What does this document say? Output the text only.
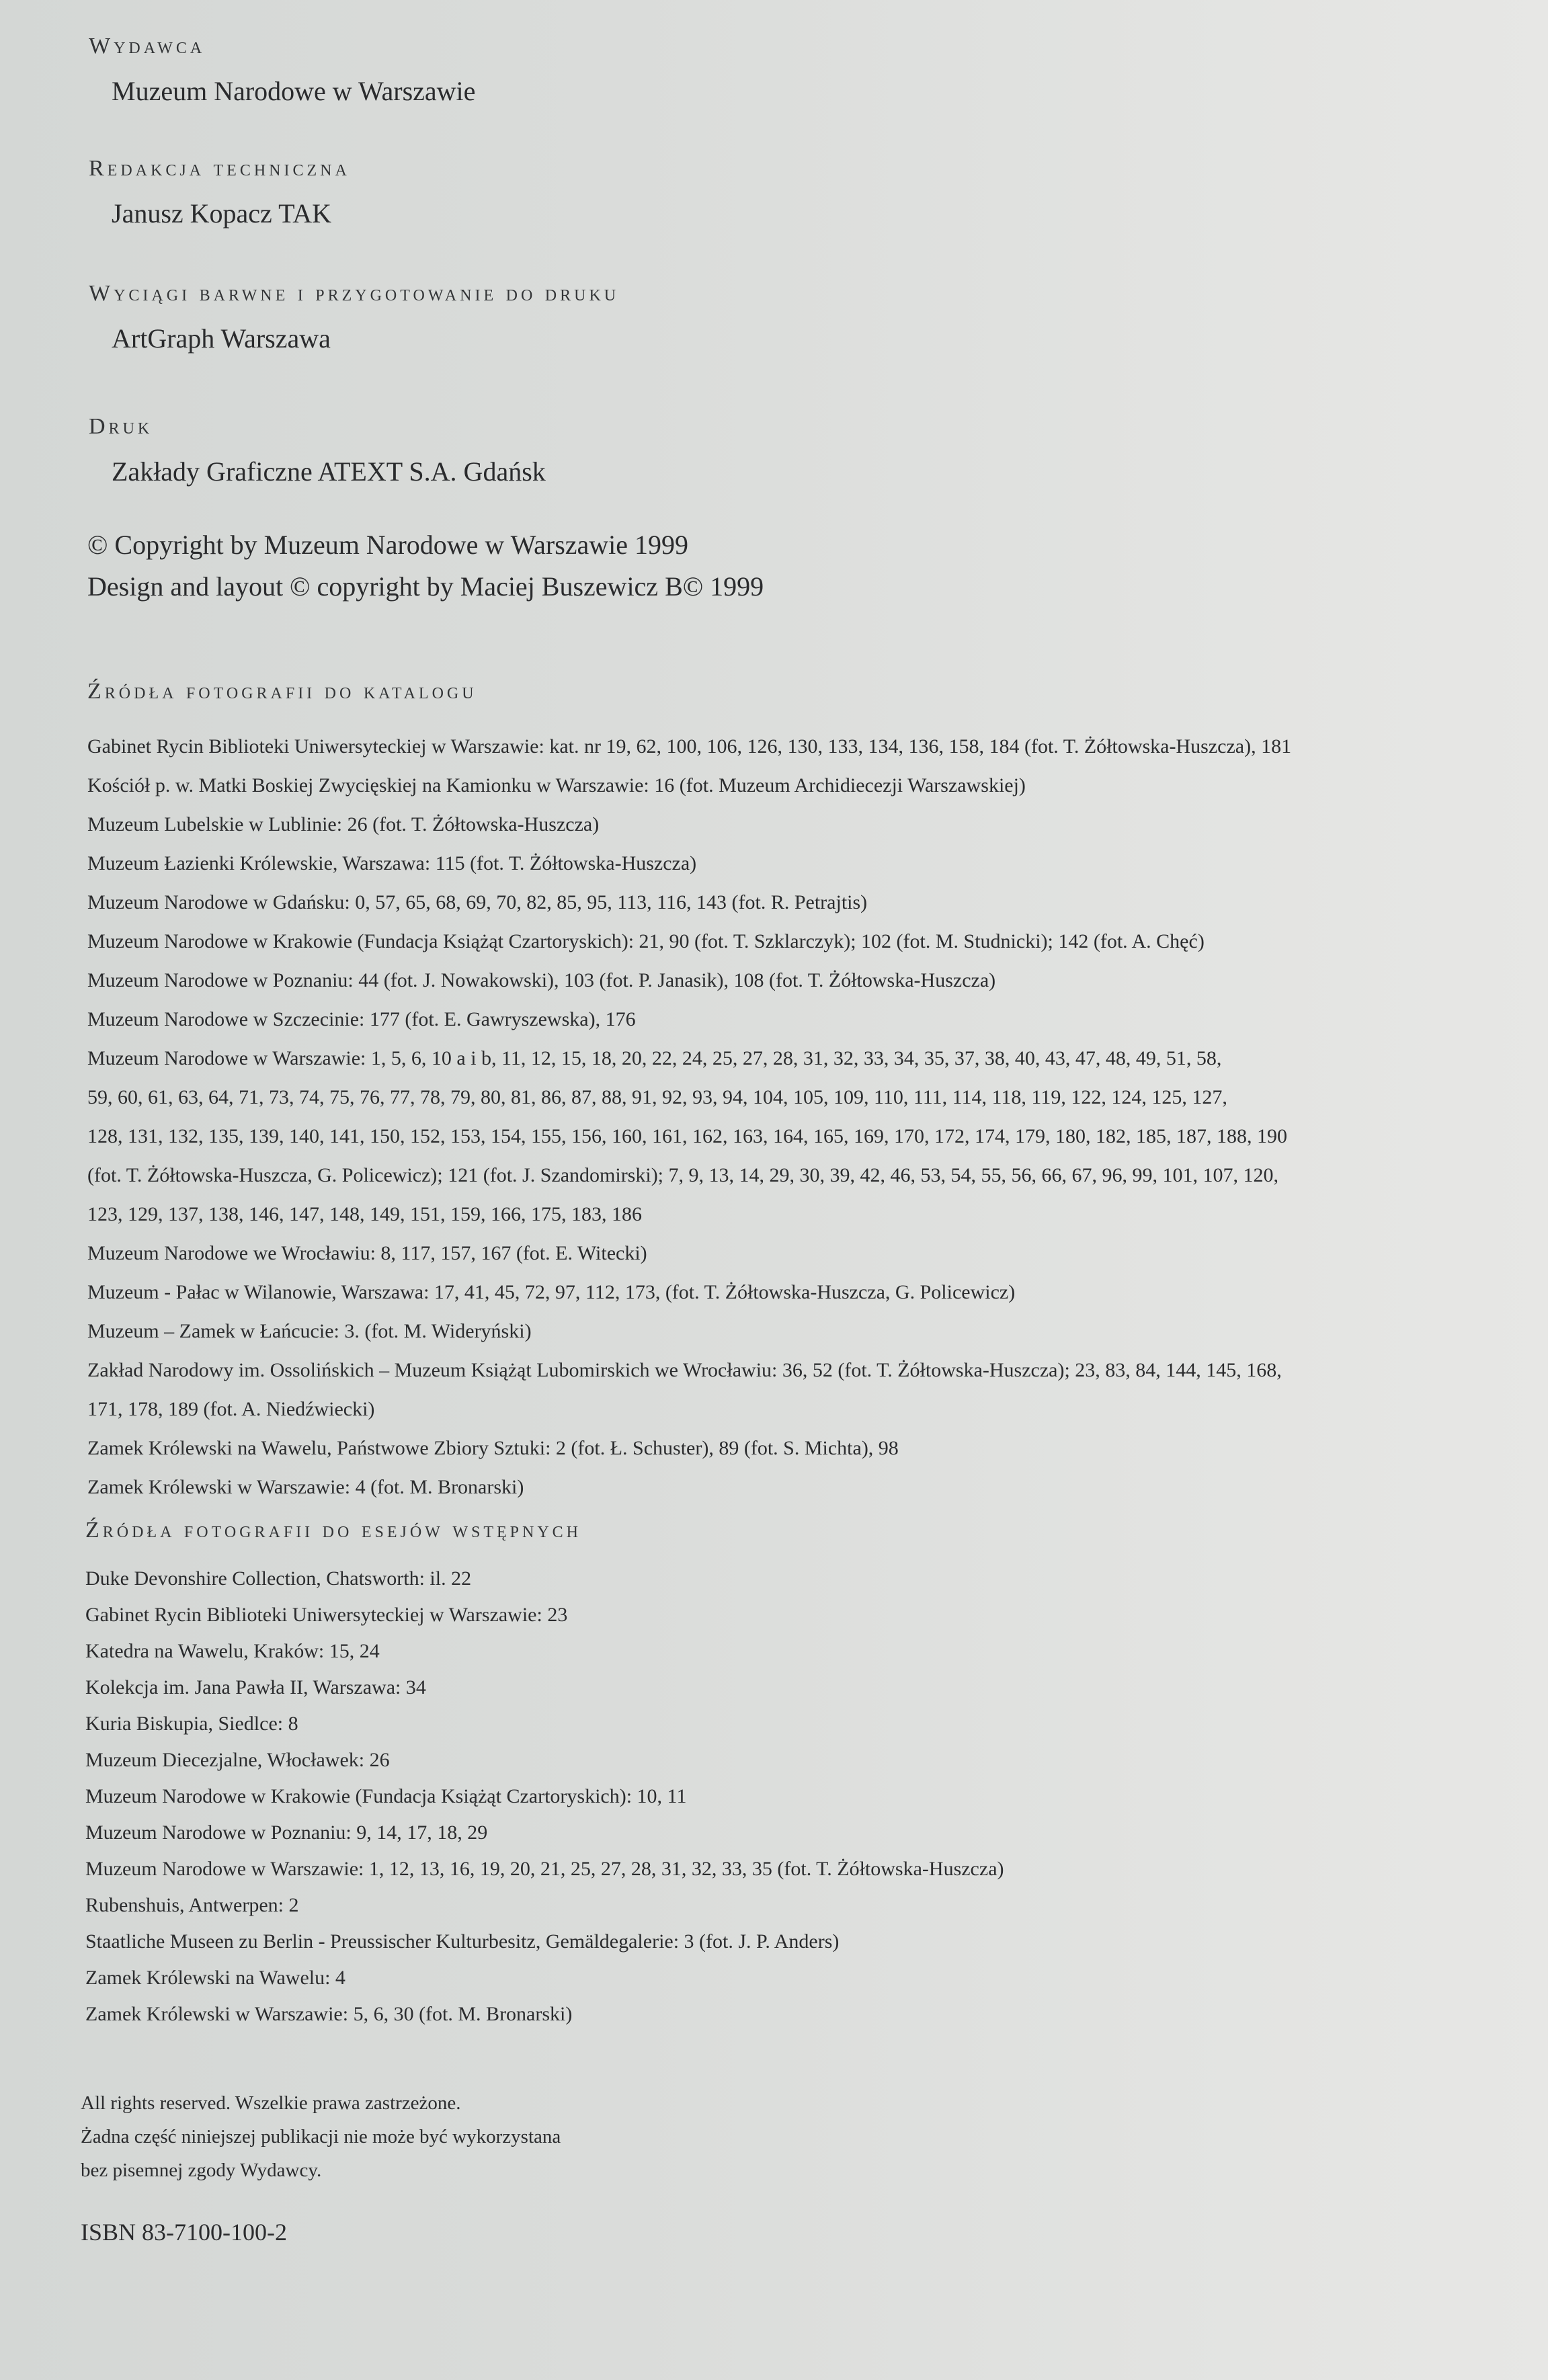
Wydawca

Muzeum Narodowe w Warszawie

Redakcja techniczna

Janusz Kopacz TAK

Wyciągi barwne i przygotowanie do druku

ArtGraph Warszawa

Druk

Zakłady Graficzne ATEXT S.A. Gdańsk
© Copyright by Muzeum Narodowe w Warszawie 1999
Design and layout © copyright by Maciej Buszewicz B© 1999

Źródła fotografii do katalogu

Gabinet Rycin Biblioteki Uniwersyteckiej w Warszawie: kat. nr 19, 62, 100, 106, 126, 130, 133, 134, 136, 158, 184 (fot. T. Żółtowska-Huszcza), 181
Kościół p. w. Matki Boskiej Zwycięskiej na Kamionku w Warszawie: 16 (fot. Muzeum Archidiecezji Warszawskiej)
Muzeum Lubelskie w Lublinie: 26 (fot. T. Żółtowska-Huszcza)
Muzeum Łazienki Królewskie, Warszawa: 115 (fot. T. Żółtowska-Huszcza)
Muzeum Narodowe w Gdańsku: 0, 57, 65, 68, 69, 70, 82, 85, 95, 113, 116, 143 (fot. R. Petrajtis)
Muzeum Narodowe w Krakowie (Fundacja Książąt Czartoryskich): 21, 90 (fot. T. Szklarczyk); 102 (fot. M. Studnicki); 142 (fot. A. Chęć)
Muzeum Narodowe w Poznaniu: 44 (fot. J. Nowakowski), 103 (fot. P. Janasik), 108 (fot. T. Żółtowska-Huszcza)
Muzeum Narodowe w Szczecinie: 177 (fot. E. Gawryszewska), 176
Muzeum Narodowe w Warszawie: 1, 5, 6, 10 a i b, 11, 12, 15, 18, 20, 22, 24, 25, 27, 28, 31, 32, 33, 34, 35, 37, 38, 40, 43, 47, 48, 49, 51, 58,
59, 60, 61, 63, 64, 71, 73, 74, 75, 76, 77, 78, 79, 80, 81, 86, 87, 88, 91, 92, 93, 94, 104, 105, 109, 110, 111, 114, 118, 119, 122, 124, 125, 127,
128, 131, 132, 135, 139, 140, 141, 150, 152, 153, 154, 155, 156, 160, 161, 162, 163, 164, 165, 169, 170, 172, 174, 179, 180, 182, 185, 187, 188, 190
(fot. T. Żółtowska-Huszcza, G. Policewicz); 121 (fot. J. Szandomirski); 7, 9, 13, 14, 29, 30, 39, 42, 46, 53, 54, 55, 56, 66, 67, 96, 99, 101, 107, 120,
123, 129, 137, 138, 146, 147, 148, 149, 151, 159, 166, 175, 183, 186
Muzeum Narodowe we Wrocławiu: 8, 117, 157, 167 (fot. E. Witecki)
Muzeum - Pałac w Wilanowie, Warszawa: 17, 41, 45, 72, 97, 112, 173, (fot. T. Żółtowska-Huszcza, G. Policewicz)
Muzeum – Zamek w Łańcucie: 3. (fot. M. Wideryński)
Zakład Narodowy im. Ossolińskich – Muzeum Książąt Lubomirskich we Wrocławiu: 36, 52 (fot. T. Żółtowska-Huszcza); 23, 83, 84, 144, 145, 168,
171, 178, 189 (fot. A. Niedźwiecki)
Zamek Królewski na Wawelu, Państwowe Zbiory Sztuki: 2 (fot. Ł. Schuster), 89 (fot. S. Michta), 98
Zamek Królewski w Warszawie: 4 (fot. M. Bronarski)

Źródła fotografii do esejów wstępnych

Duke Devonshire Collection, Chatsworth: il. 22
Gabinet Rycin Biblioteki Uniwersyteckiej w Warszawie: 23
Katedra na Wawelu, Kraków: 15, 24
Kolekcja im. Jana Pawła II, Warszawa: 34
Kuria Biskupia, Siedlce: 8
Muzeum Diecezjalne, Włocławek: 26
Muzeum Narodowe w Krakowie (Fundacja Książąt Czartoryskich): 10, 11
Muzeum Narodowe w Poznaniu: 9, 14, 17, 18, 29
Muzeum Narodowe w Warszawie: 1, 12, 13, 16, 19, 20, 21, 25, 27, 28, 31, 32, 33, 35 (fot. T. Żółtowska-Huszcza)
Rubenshuis, Antwerpen: 2
Staatliche Museen zu Berlin - Preussischer Kulturbesitz, Gemäldegalerie: 3 (fot. J. P. Anders)
Zamek Królewski na Wawelu: 4
Zamek Królewski w Warszawie: 5, 6, 30 (fot. M. Bronarski)
All rights reserved. Wszelkie prawa zastrzeżone.
Żadna część niniejszej publikacji nie może być wykorzystana
bez pisemnej zgody Wydawcy.
ISBN 83-7100-100-2
